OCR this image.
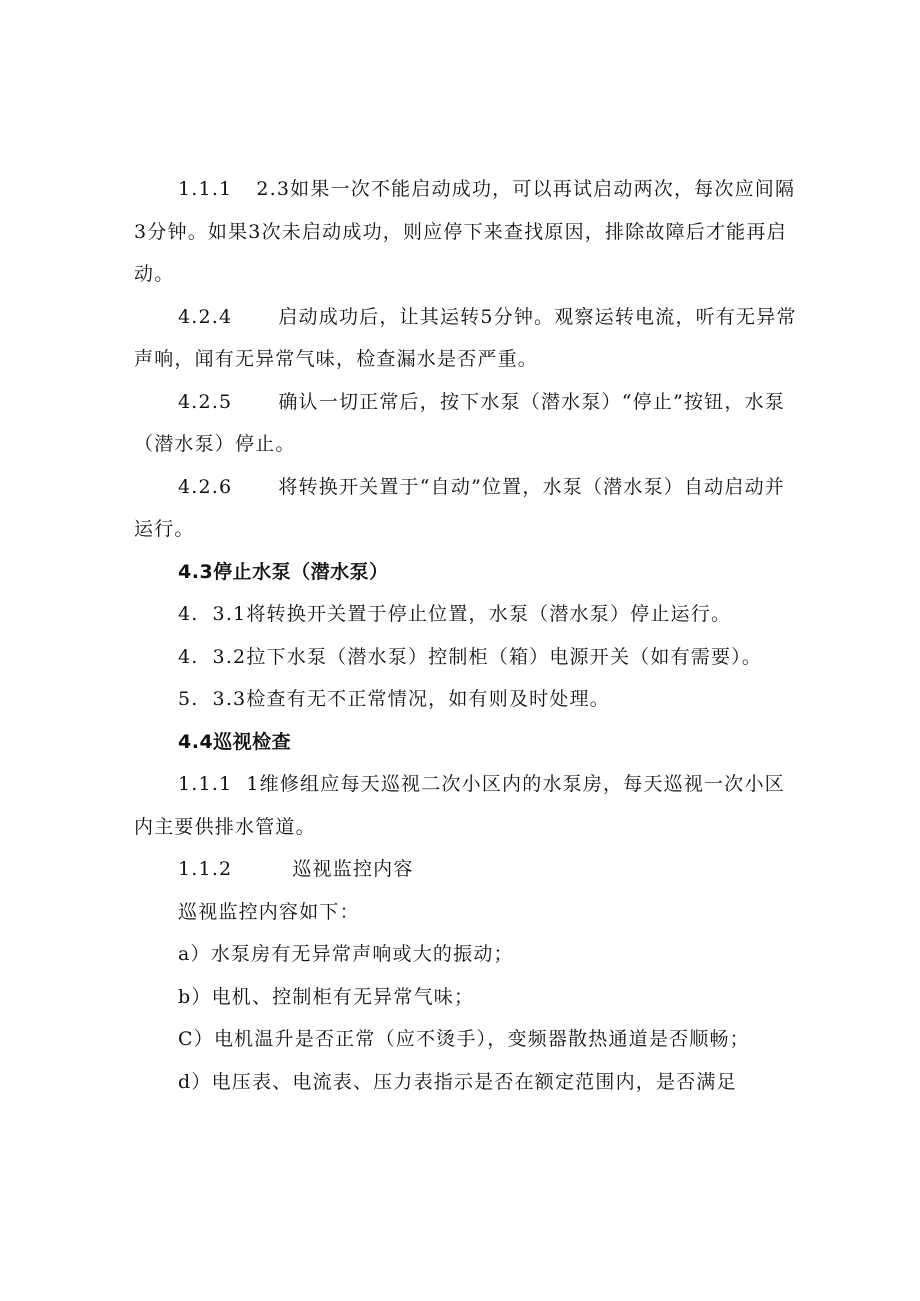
1.1.1 2.3如果一次不能启动成功，可以再试启动两次，每次应间隔3分钟。如果3次未启动成功，则应停下来查找原因，排除故障后才能再启动。

4.2.4 启动成功后，让其运转5分钟。观察运转电流，听有无异常声响，闻有无异常气味，检查漏水是否严重。

4.2.5 确认一切正常后，按下水泵（潜水泵）“停止”按钮，水泵（潜水泵）停止。

4.2.6 将转换开关置于“自动”位置，水泵（潜水泵）自动启动并运行。

4.3停止水泵（潜水泵）

4. 3.1将转换开关置于停止位置，水泵（潜水泵）停止运行。

4. 3.2拉下水泵（潜水泵）控制柜（箱）电源开关（如有需要）。

5. 3.3检查有无不正常情况，如有则及时处理。

4.4巡视检查

1.1.1 1维修组应每天巡视二次小区内的水泵房，每天巡视一次小区内主要供排水管道。

1.1.2	巡视监控内容

巡视监控内容如下：

a）水泵房有无异常声响或大的振动；

b）电机、控制柜有无异常气味；

C）电机温升是否正常（应不烫手），变频器散热通道是否顺畅；

d）电压表、电流表、压力表指示是否在额定范围内，是否满足
